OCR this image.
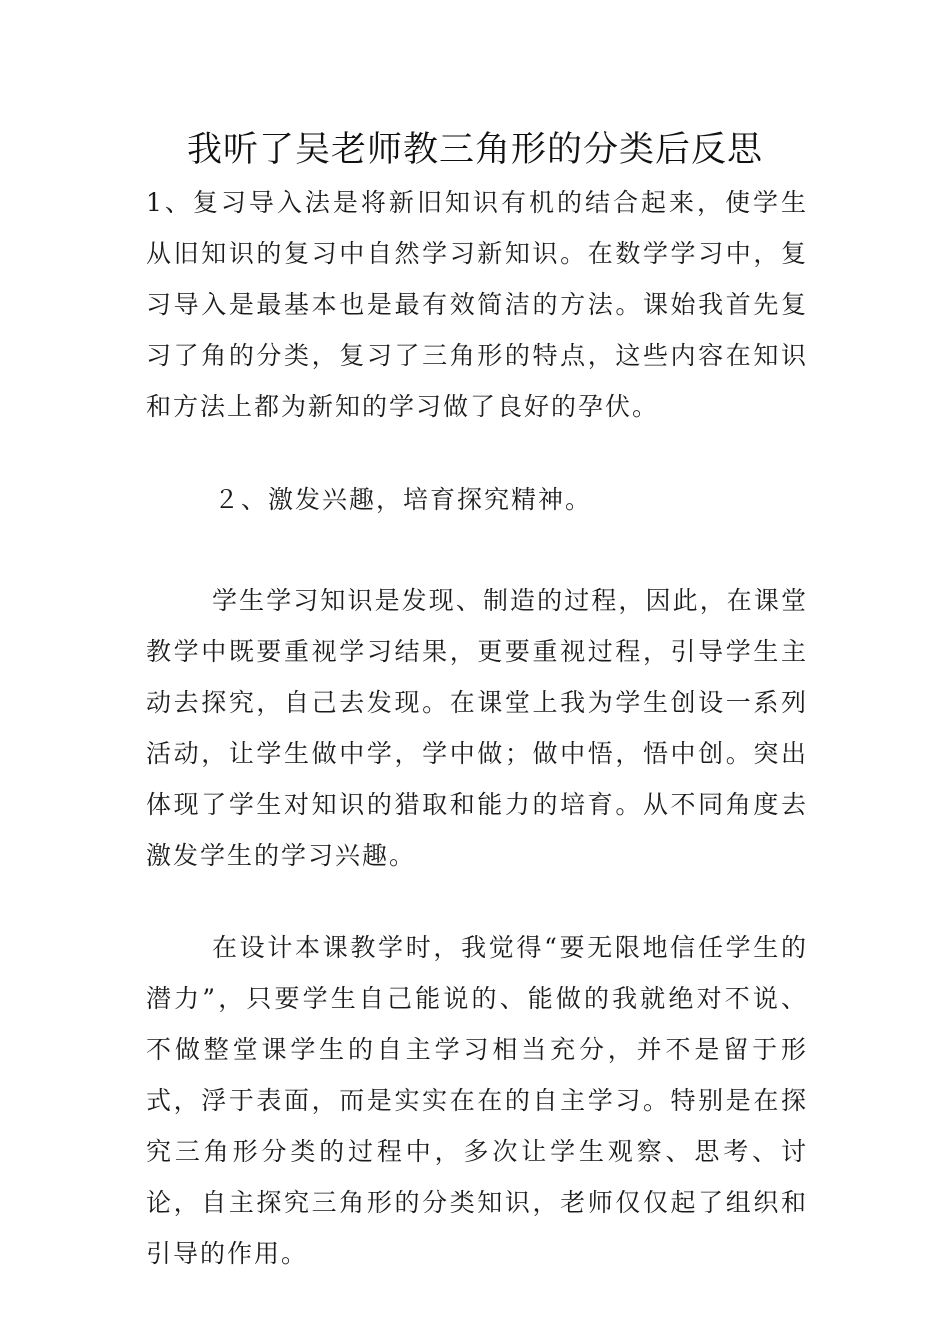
我听了吴老师教三角形的分类后反思

1、复习导入法是将新旧知识有机的结合起来，使学生从旧知识的复习中自然学习新知识。在数学学习中，复习导入是最基本也是最有效简洁的方法。课始我首先复习了角的分类，复习了三角形的特点，这些内容在知识和方法上都为新知的学习做了良好的孕伏。

２、激发兴趣，培育探究精神。

学生学习知识是发现、制造的过程，因此，在课堂教学中既要重视学习结果，更要重视过程，引导学生主动去探究，自己去发现。在课堂上我为学生创设一系列活动，让学生做中学，学中做；做中悟，悟中创。突出体现了学生对知识的猎取和能力的培育。从不同角度去激发学生的学习兴趣。

在设计本课教学时，我觉得“要无限地信任学生的潜力”，只要学生自己能说的、能做的我就绝对不说、不做整堂课学生的自主学习相当充分，并不是留于形式，浮于表面，而是实实在在的自主学习。特别是在探究三角形分类的过程中，多次让学生观察、思考、讨论，自主探究三角形的分类知识，老师仅仅起了组织和引导的作用。
